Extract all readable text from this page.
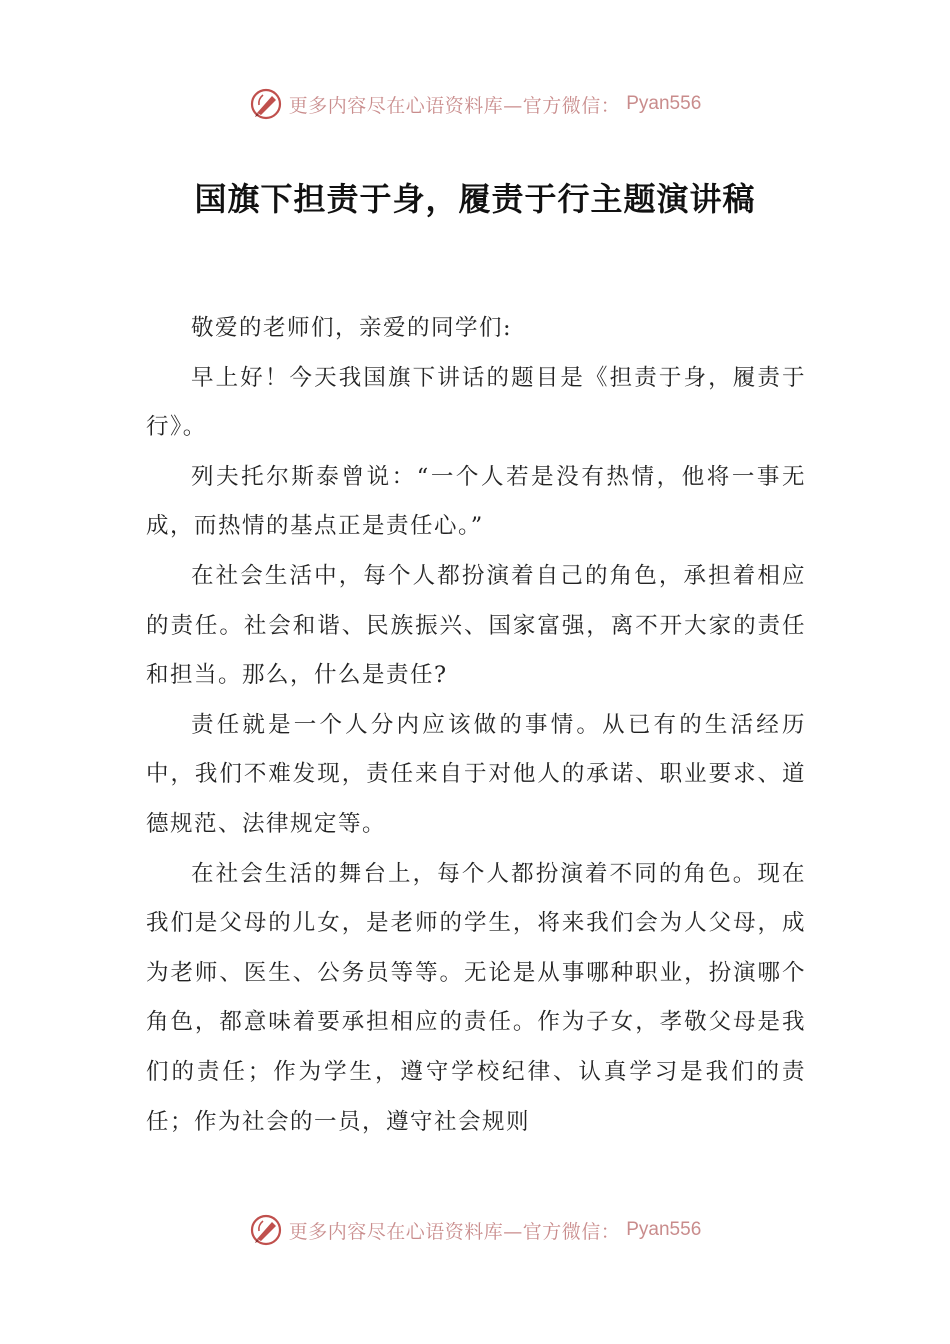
更多内容尽在心语资料库—官方微信： Pyan556
国旗下担责于身，履责于行主题演讲稿

敬爱的老师们，亲爱的同学们:

早上好！今天我国旗下讲话的题目是《担责于身，履责于行》。

列夫托尔斯泰曾说：“一个人若是没有热情，他将一事无成，而热情的基点正是责任心。”

在社会生活中，每个人都扮演着自己的角色，承担着相应的责任。社会和谐、民族振兴、国家富强，离不开大家的责任和担当。那么，什么是责任?

责任就是一个人分内应该做的事情。从已有的生活经历中，我们不难发现，责任来自于对他人的承诺、职业要求、道德规范、法律规定等。

在社会生活的舞台上，每个人都扮演着不同的角色。现在我们是父母的儿女，是老师的学生，将来我们会为人父母，成为老师、医生、公务员等等。无论是从事哪种职业，扮演哪个角色，都意味着要承担相应的责任。作为子女，孝敬父母是我们的责任；作为学生，遵守学校纪律、认真学习是我们的责任；作为社会的一员，遵守社会规则

更多内容尽在心语资料库—官方微信： Pyan556
